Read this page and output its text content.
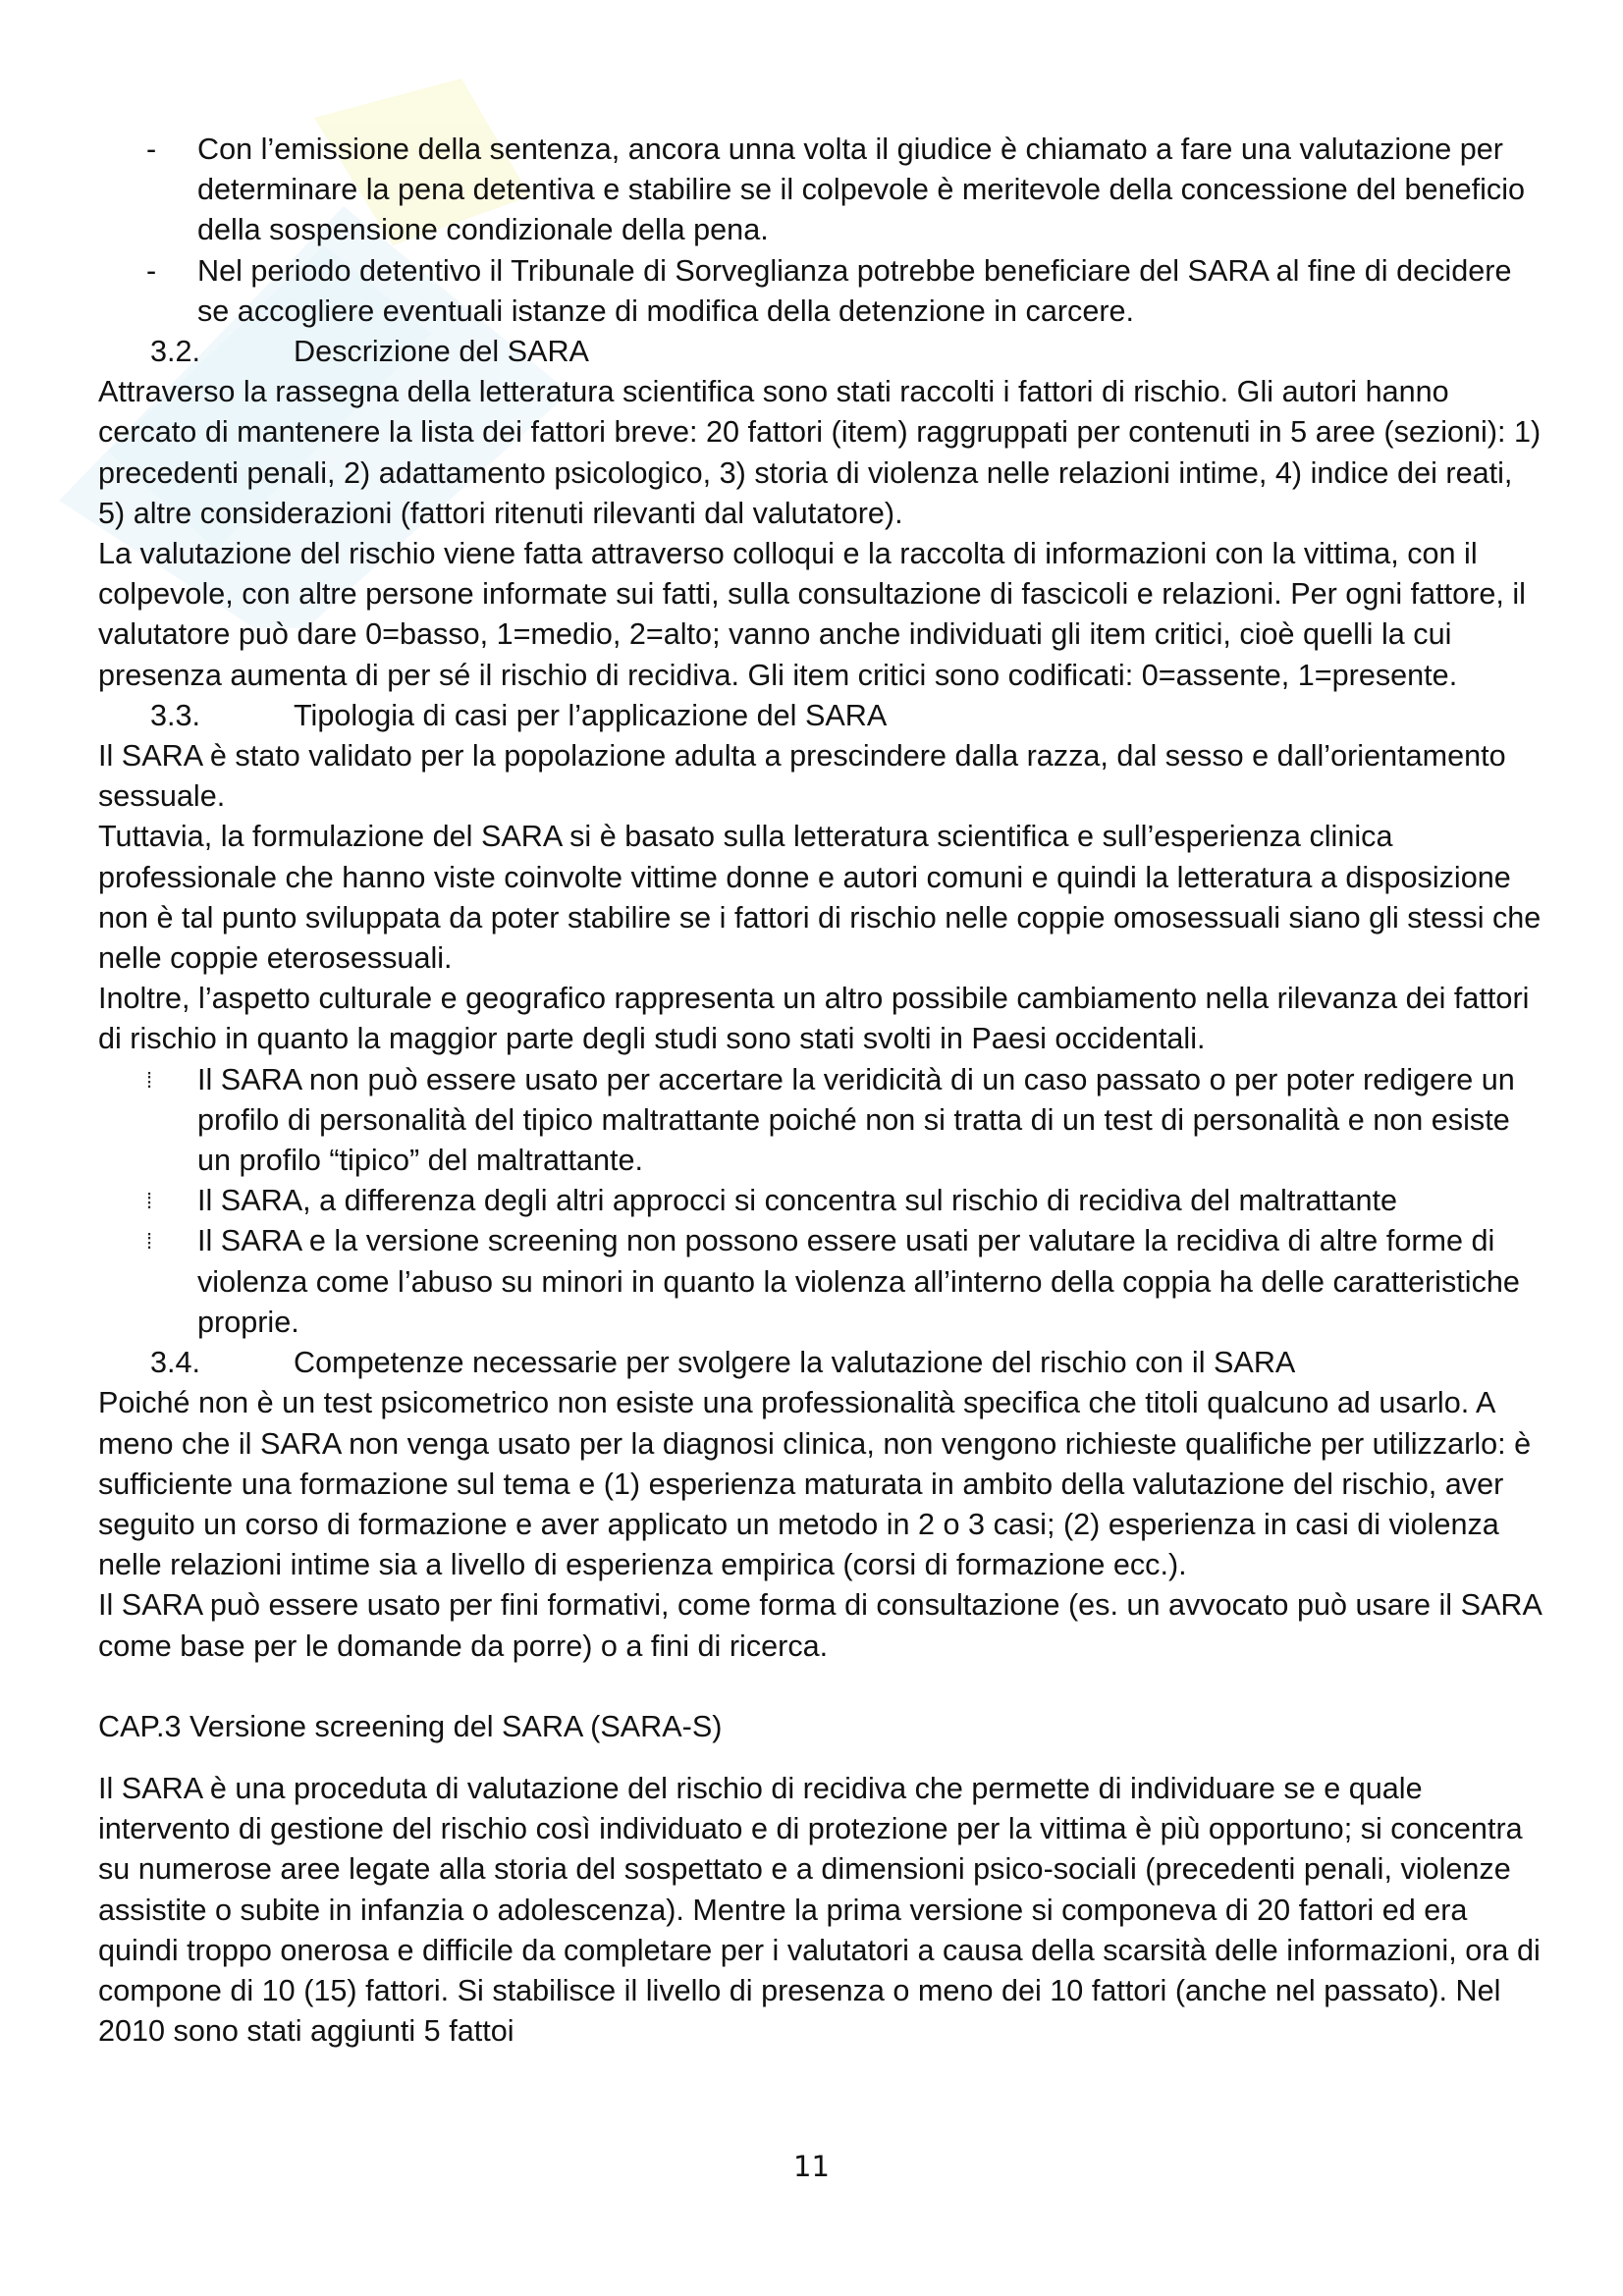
- Con l’emissione della sentenza, ancora unna volta il giudice è chiamato a fare una valutazione per determinare la pena detentiva e stabilire se il colpevole è meritevole della concessione del beneficio della sospensione condizionale della pena.

- Nel periodo detentivo il Tribunale di Sorveglianza potrebbe beneficiare del SARA al fine di decidere se accogliere eventuali istanze di modifica della detenzione in carcere.

3.2.	Descrizione del SARA

Attraverso la rassegna della letteratura scientifica sono stati raccolti i fattori di rischio. Gli autori hanno cercato di mantenere la lista dei fattori breve: 20 fattori (item) raggruppati per contenuti in 5 aree (sezioni): 1) precedenti penali, 2) adattamento psicologico, 3) storia di violenza nelle relazioni intime, 4) indice dei reati, 5) altre considerazioni (fattori ritenuti rilevanti dal valutatore).

La valutazione del rischio viene fatta attraverso colloqui e la raccolta di informazioni con la vittima, con il colpevole, con altre persone informate sui fatti, sulla consultazione di fascicoli e relazioni. Per ogni fattore, il valutatore può dare 0=basso, 1=medio, 2=alto; vanno anche individuati gli item critici, cioè quelli la cui presenza aumenta di per sé il rischio di recidiva. Gli item critici sono codificati: 0=assente, 1=presente.

3.3.	Tipologia di casi per l’applicazione del SARA

Il SARA è stato validato per la popolazione adulta a prescindere dalla razza, dal sesso e dall’orientamento sessuale.

Tuttavia, la formulazione del SARA si è basato sulla letteratura scientifica e sull’esperienza clinica professionale che hanno viste coinvolte vittime donne e autori comuni e quindi la letteratura a disposizione non è tal punto sviluppata da poter stabilire se i fattori di rischio nelle coppie omosessuali siano gli stessi che nelle coppie eterosessuali.

Inoltre, l’aspetto culturale e geografico rappresenta un altro possibile cambiamento nella rilevanza dei fattori di rischio in quanto la maggior parte degli studi sono stati svolti in Paesi occidentali.

⁞ Il SARA non può essere usato per accertare la veridicità di un caso passato o per poter redigere un profilo di personalità del tipico maltrattante poiché non si tratta di un test di personalità e non esiste un profilo “tipico” del maltrattante.

⁞ Il SARA, a differenza degli altri approcci si concentra sul rischio di recidiva del maltrattante

⁞ Il SARA e la versione screening non possono essere usati per valutare la recidiva di altre forme di violenza come l’abuso su minori in quanto la violenza all’interno della coppia ha delle caratteristiche proprie.

3.4.	Competenze necessarie per svolgere la valutazione del rischio con il SARA

Poiché non è un test psicometrico non esiste una professionalità specifica che titoli qualcuno ad usarlo. A meno che il SARA non venga usato per la diagnosi clinica, non vengono richieste qualifiche per utilizzarlo: è sufficiente una formazione sul tema e (1) esperienza maturata in ambito della valutazione del rischio, aver seguito un corso di formazione e aver applicato un metodo in 2 o 3 casi; (2) esperienza in casi di violenza nelle relazioni intime sia a livello di esperienza empirica (corsi di formazione ecc.).

Il SARA può essere usato per fini formativi, come forma di consultazione (es. un avvocato può usare il SARA come base per le domande da porre) o a fini di ricerca.

CAP.3 Versione screening del SARA (SARA-S)

Il SARA è una proceduta di valutazione del rischio di recidiva che permette di individuare se e quale intervento di gestione del rischio così individuato e di protezione per la vittima è più opportuno; si concentra su numerose aree legate alla storia del sospettato e a dimensioni psico-sociali (precedenti penali, violenze assistite o subite in infanzia o adolescenza). Mentre la prima versione si componeva di 20 fattori ed era quindi troppo onerosa e difficile da completare per i valutatori a causa della scarsità delle informazioni, ora di compone di 10 (15) fattori. Si stabilisce il livello di presenza o meno dei 10 fattori (anche nel passato). Nel 2010 sono stati aggiunti 5 fattoi

11
